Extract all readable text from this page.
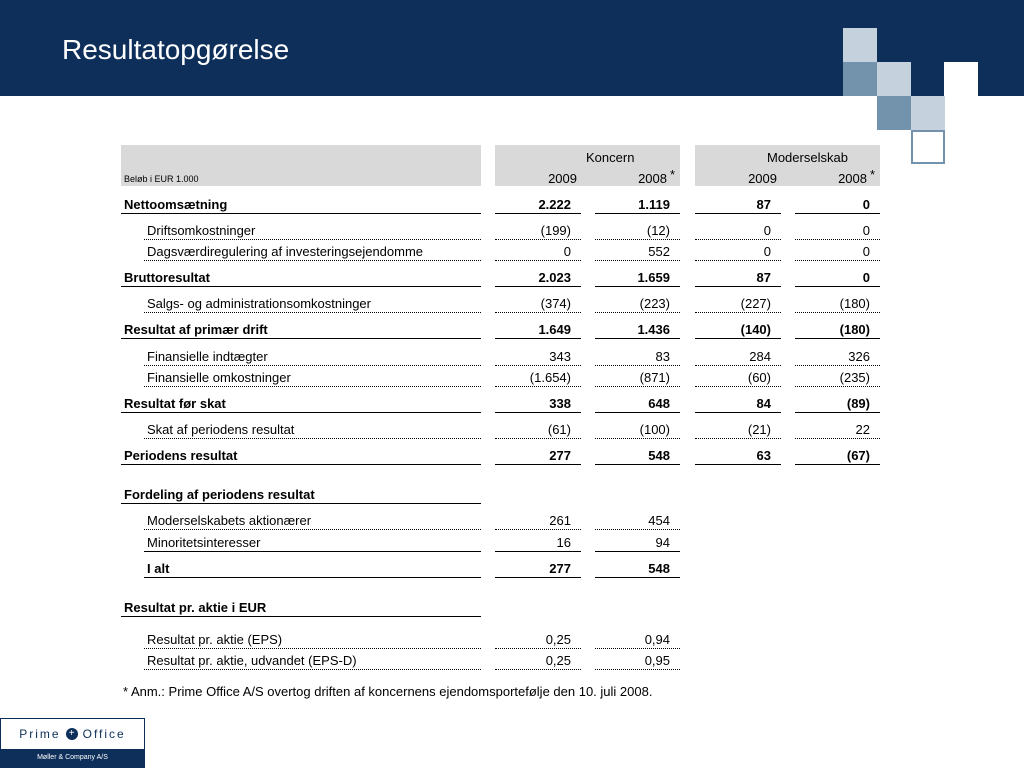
Resultatopgørelse
Koncern	Moderselskab
Beløb i EUR 1.000	2009	2008 *	2009	2008 *
Nettoomsætning	2.222	1.119	87	0
Driftsomkostninger	(199)	(12)	0	0
Dagsværdiregulering af investeringsejendomme	0	552	0	0
Bruttoresultat	2.023	1.659	87	0
Salgs- og administrationsomkostninger	(374)	(223)	(227)	(180)
Resultat af primær drift	1.649	1.436	(140)	(180)
Finansielle indtægter	343	83	284	326
Finansielle omkostninger	(1.654)	(871)	(60)	(235)
Resultat før skat	338	648	84	(89)
Skat af periodens resultat	(61)	(100)	(21)	22
Periodens resultat	277	548	63	(67)
Fordeling af periodens resultat
Moderselskabets aktionærer	261	454
Minoritetsinteresser	16	94
I alt	277	548
Resultat pr. aktie i EUR
Resultat pr. aktie (EPS)	0,25	0,94
Resultat pr. aktie, udvandet (EPS-D)	0,25	0,95
* Anm.: Prime Office A/S overtog driften af koncernens ejendomsportefølje den 10. juli 2008.
Prime + Office
Møller & Company A/S
